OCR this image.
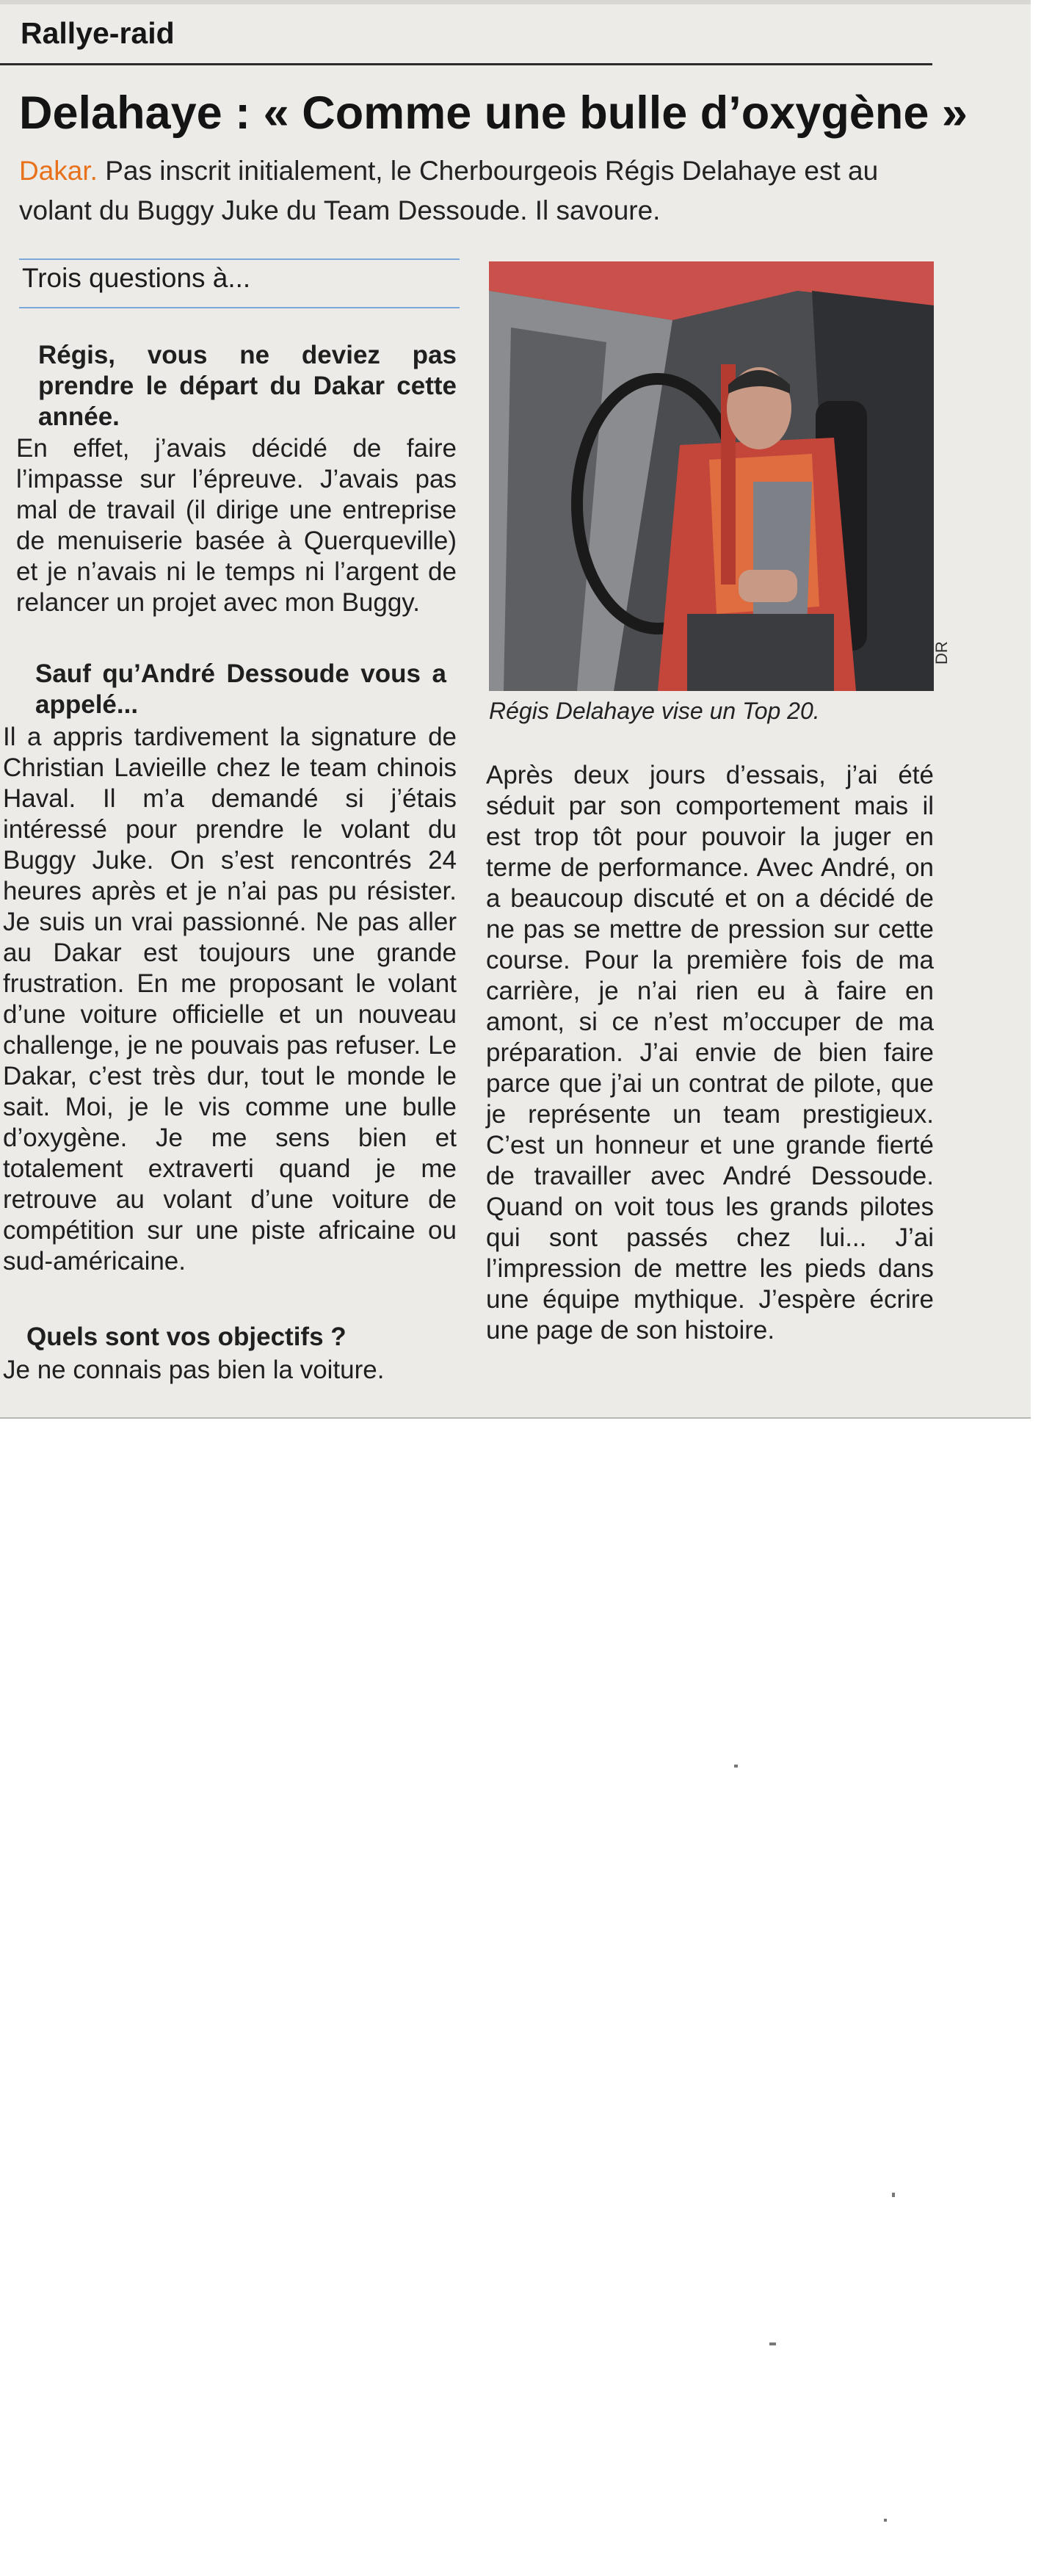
Rallye-raid
Delahaye : « Comme une bulle d’oxygène »
Dakar. Pas inscrit initialement, le Cherbourgeois Régis Delahaye est au volant du Buggy Juke du Team Dessoude. Il savoure.
Trois questions à...

Régis, vous ne deviez pas prendre le départ du Dakar cette année.

En effet, j’avais décidé de faire l’impasse sur l’épreuve. J’avais pas mal de travail (il dirige une entreprise de menuiserie basée à Querqueville) et je n’avais ni le temps ni l’argent de relancer un projet avec mon Buggy.

Sauf qu’André Dessoude vous a appelé...

Il a appris tardivement la signature de Christian Lavieille chez le team chinois Haval. Il m’a demandé si j’étais intéressé pour prendre le volant du Buggy Juke. On s’est rencontrés 24 heures après et je n’ai pas pu résister. Je suis un vrai passionné. Ne pas aller au Dakar est toujours une grande frustration. En me proposant le volant d’une voiture officielle et un nouveau challenge, je ne pouvais pas refuser. Le Dakar, c’est très dur, tout le monde le sait. Moi, je le vis comme une bulle d’oxygène. Je me sens bien et totalement extraverti quand je me retrouve au volant d’une voiture de compétition sur une piste africaine ou sud-américaine.

Quels sont vos objectifs ?

Je ne connais pas bien la voiture.

DR
Régis Delahaye vise un Top 20.

Après deux jours d’essais, j’ai été séduit par son comportement mais il est trop tôt pour pouvoir la juger en terme de performance. Avec André, on a beaucoup discuté et on a décidé de ne pas se mettre de pression sur cette course. Pour la première fois de ma carrière, je n’ai rien eu à faire en amont, si ce n’est m’occuper de ma préparation. J’ai envie de bien faire parce que j’ai un contrat de pilote, que je représente un team prestigieux. C’est un honneur et une grande fierté de travailler avec André Dessoude. Quand on voit tous les grands pilotes qui sont passés chez lui... J’ai l’impression de mettre les pieds dans une équipe mythique. J’espère écrire une page de son histoire.
